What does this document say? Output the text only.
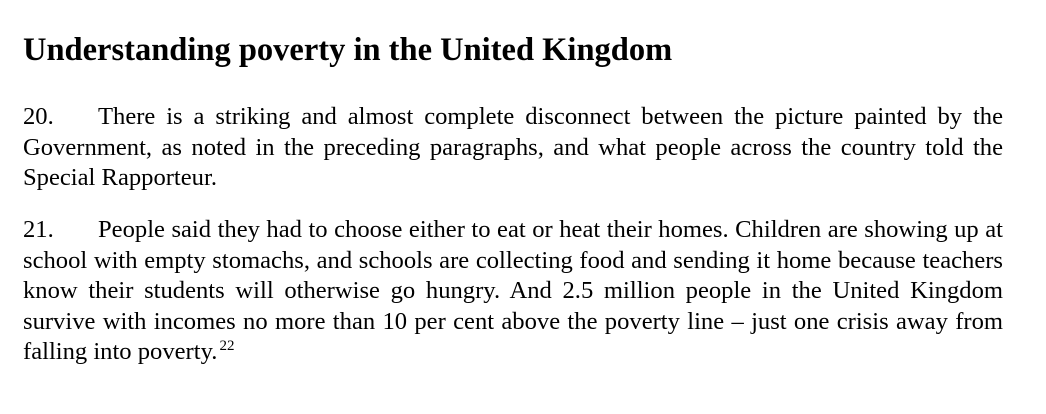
Understanding poverty in the United Kingdom

20. There is a striking and almost complete disconnect between the picture painted by the Government, as noted in the preceding paragraphs, and what people across the country told the Special Rapporteur.

21. People said they had to choose either to eat or heat their homes. Children are showing up at school with empty stomachs, and schools are collecting food and sending it home because teachers know their students will otherwise go hungry. And 2.5 million people in the United Kingdom survive with incomes no more than 10 per cent above the poverty line – just one crisis away from falling into poverty. $^{22}$
